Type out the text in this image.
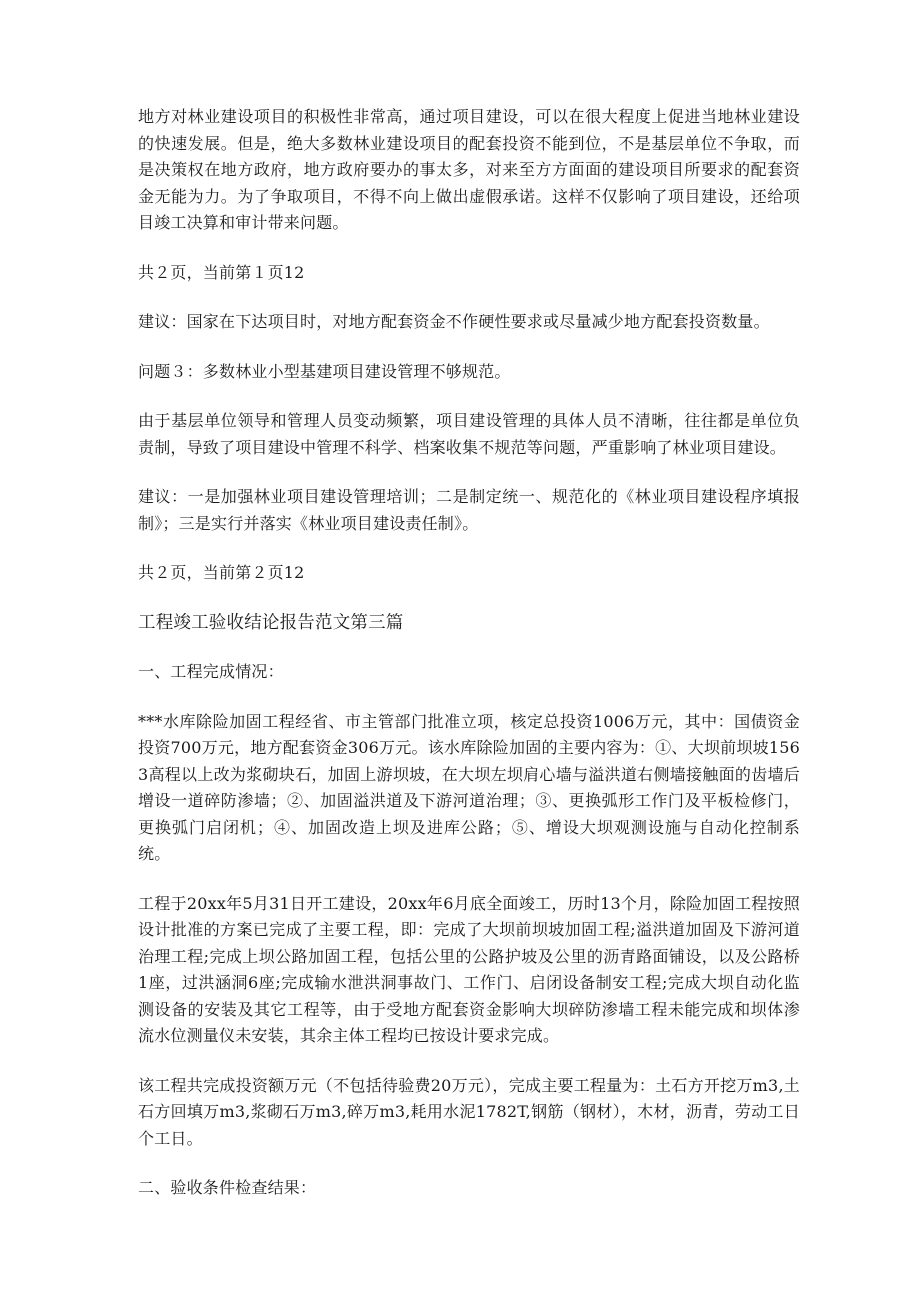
地方对林业建设项目的积极性非常高，通过项目建设，可以在很大程度上促进当地林业建设的快速发展。但是，绝大多数林业建设项目的配套投资不能到位，不是基层单位不争取，而是决策权在地方政府，地方政府要办的事太多，对来至方方面面的建设项目所要求的配套资金无能为力。为了争取项目，不得不向上做出虚假承诺。这样不仅影响了项目建设，还给项目竣工决算和审计带来问题。

共２页，当前第１页12

建议：国家在下达项目时，对地方配套资金不作硬性要求或尽量减少地方配套投资数量。

问题３：多数林业小型基建项目建设管理不够规范。

由于基层单位领导和管理人员变动频繁，项目建设管理的具体人员不清晰，往往都是单位负责制，导致了项目建设中管理不科学、档案收集不规范等问题，严重影响了林业项目建设。

建议：一是加强林业项目建设管理培训；二是制定统一、规范化的《林业项目建设程序填报制》；三是实行并落实《林业项目建设责任制》。

共２页，当前第２页12

工程竣工验收结论报告范文第三篇

一、工程完成情况：

***水库除险加固工程经省、市主管部门批准立项，核定总投资1006万元，其中：国债资金投资700万元，地方配套资金306万元。该水库除险加固的主要内容为：①、大坝前坝坡1563高程以上改为浆砌块石，加固上游坝坡，在大坝左坝肩心墙与溢洪道右侧墙接触面的齿墙后增设一道碎防渗墙；②、加固溢洪道及下游河道治理；③、更换弧形工作门及平板检修门，更换弧门启闭机；④、加固改造上坝及进库公路；⑤、增设大坝观测设施与自动化控制系统。

工程于20xx年5月31日开工建设，20xx年6月底全面竣工，历时13个月，除险加固工程按照设计批准的方案已完成了主要工程，即：完成了大坝前坝坡加固工程;溢洪道加固及下游河道治理工程;完成上坝公路加固工程，包括公里的公路护坡及公里的沥青路面铺设，以及公路桥1座，过洪涵洞6座;完成输水泄洪洞事故门、工作门、启闭设备制安工程;完成大坝自动化监测设备的安装及其它工程等，由于受地方配套资金影响大坝碎防渗墙工程未能完成和坝体渗流水位测量仪未安装，其余主体工程均已按设计要求完成。

该工程共完成投资额万元（不包括待验费20万元），完成主要工程量为：土石方开挖万m3,土石方回填万m3,浆砌石万m3,碎万m3,耗用水泥1782T,钢筋（钢材），木材，沥青，劳动工日个工日。

二、验收条件检查结果：
